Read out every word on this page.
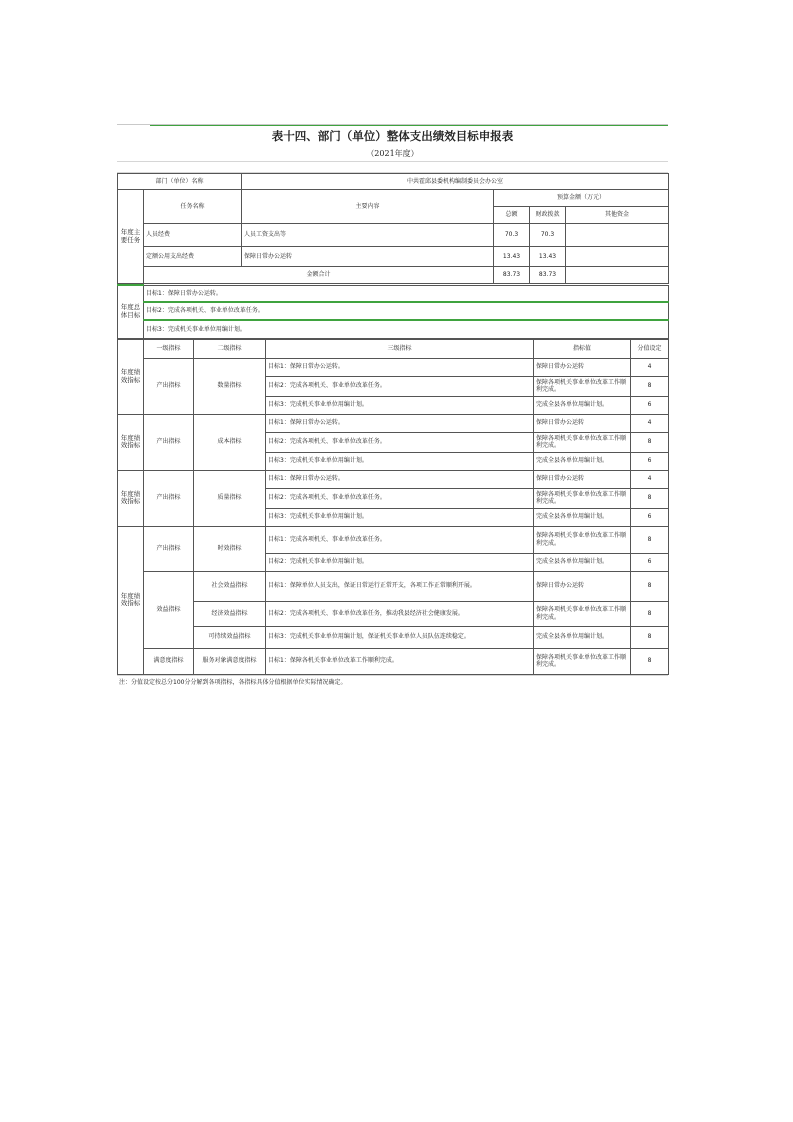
表十四、部门（单位）整体支出绩效目标申报表
（2021年度）
部门（单位）名称		中共霍邱县委机构编制委员会办公室			
年度主要任务	任务名称	主要内容	预算金额（万元）		
			总额	财政拨款	其他资金
	人员经费	人员工资支出等	70.3	70.3	
	定额公用支出经费	保障日常办公运转	13.43	13.43	
	金额合计		83.73	83.73	
年度总体目标	目标1：保障日常办公运转。
目标2：完成各项机关、事业单位改革任务。
目标3：完成机关事业单位用编计划。
年度绩效指标	一级指标	二级指标	三级指标	指标值	分值设定
	产出指标	数量指标	目标1：保障日常办公运转。	保障日常办公运转	4
			目标2：完成各项机关、事业单位改革任务。	保障各项机关事业单位改革工作顺利完成。	8
			目标3：完成机关事业单位用编计划。	完成全县各单位用编计划。	6
年度绩效指标	产出指标	成本指标	目标1：保障日常办公运转。	保障日常办公运转	4
			目标2：完成各项机关、事业单位改革任务。	保障各项机关事业单位改革工作顺利完成。	8
			目标3：完成机关事业单位用编计划。	完成全县各单位用编计划。	6
年度绩效指标	产出指标	质量指标	目标1：保障日常办公运转。	保障日常办公运转	4
			目标2：完成各项机关、事业单位改革任务。	保障各项机关事业单位改革工作顺利完成。	8
			目标3：完成机关事业单位用编计划。	完成全县各单位用编计划。	6
年度绩效指标	产出指标	时效指标	目标1：完成各项机关、事业单位改革任务。	保障各项机关事业单位改革工作顺利完成。	8
			目标2：完成机关事业单位用编计划。	完成全县各单位用编计划。	6
	效益指标	社会效益指标	目标1：保障单位人员支出，保证日常运行正常开支，各项工作正常顺利开展。	保障日常办公运转	8
		经济效益指标	目标2：完成各项机关、事业单位改革任务，推动我县经济社会健康发展。	保障各项机关事业单位改革工作顺利完成。	8
		可持续效益指标	目标3：完成机关事业单位用编计划，保证机关事业单位人员队伍连续稳定。	完成全县各单位用编计划。	8
	满意度指标	服务对象满意度指标	目标1：保障各机关事业单位改革工作顺利完成。	保障各项机关事业单位改革工作顺利完成。	8
注：分值设定按总分100分分解到各项指标，各指标具体分值根据单位实际情况确定。
